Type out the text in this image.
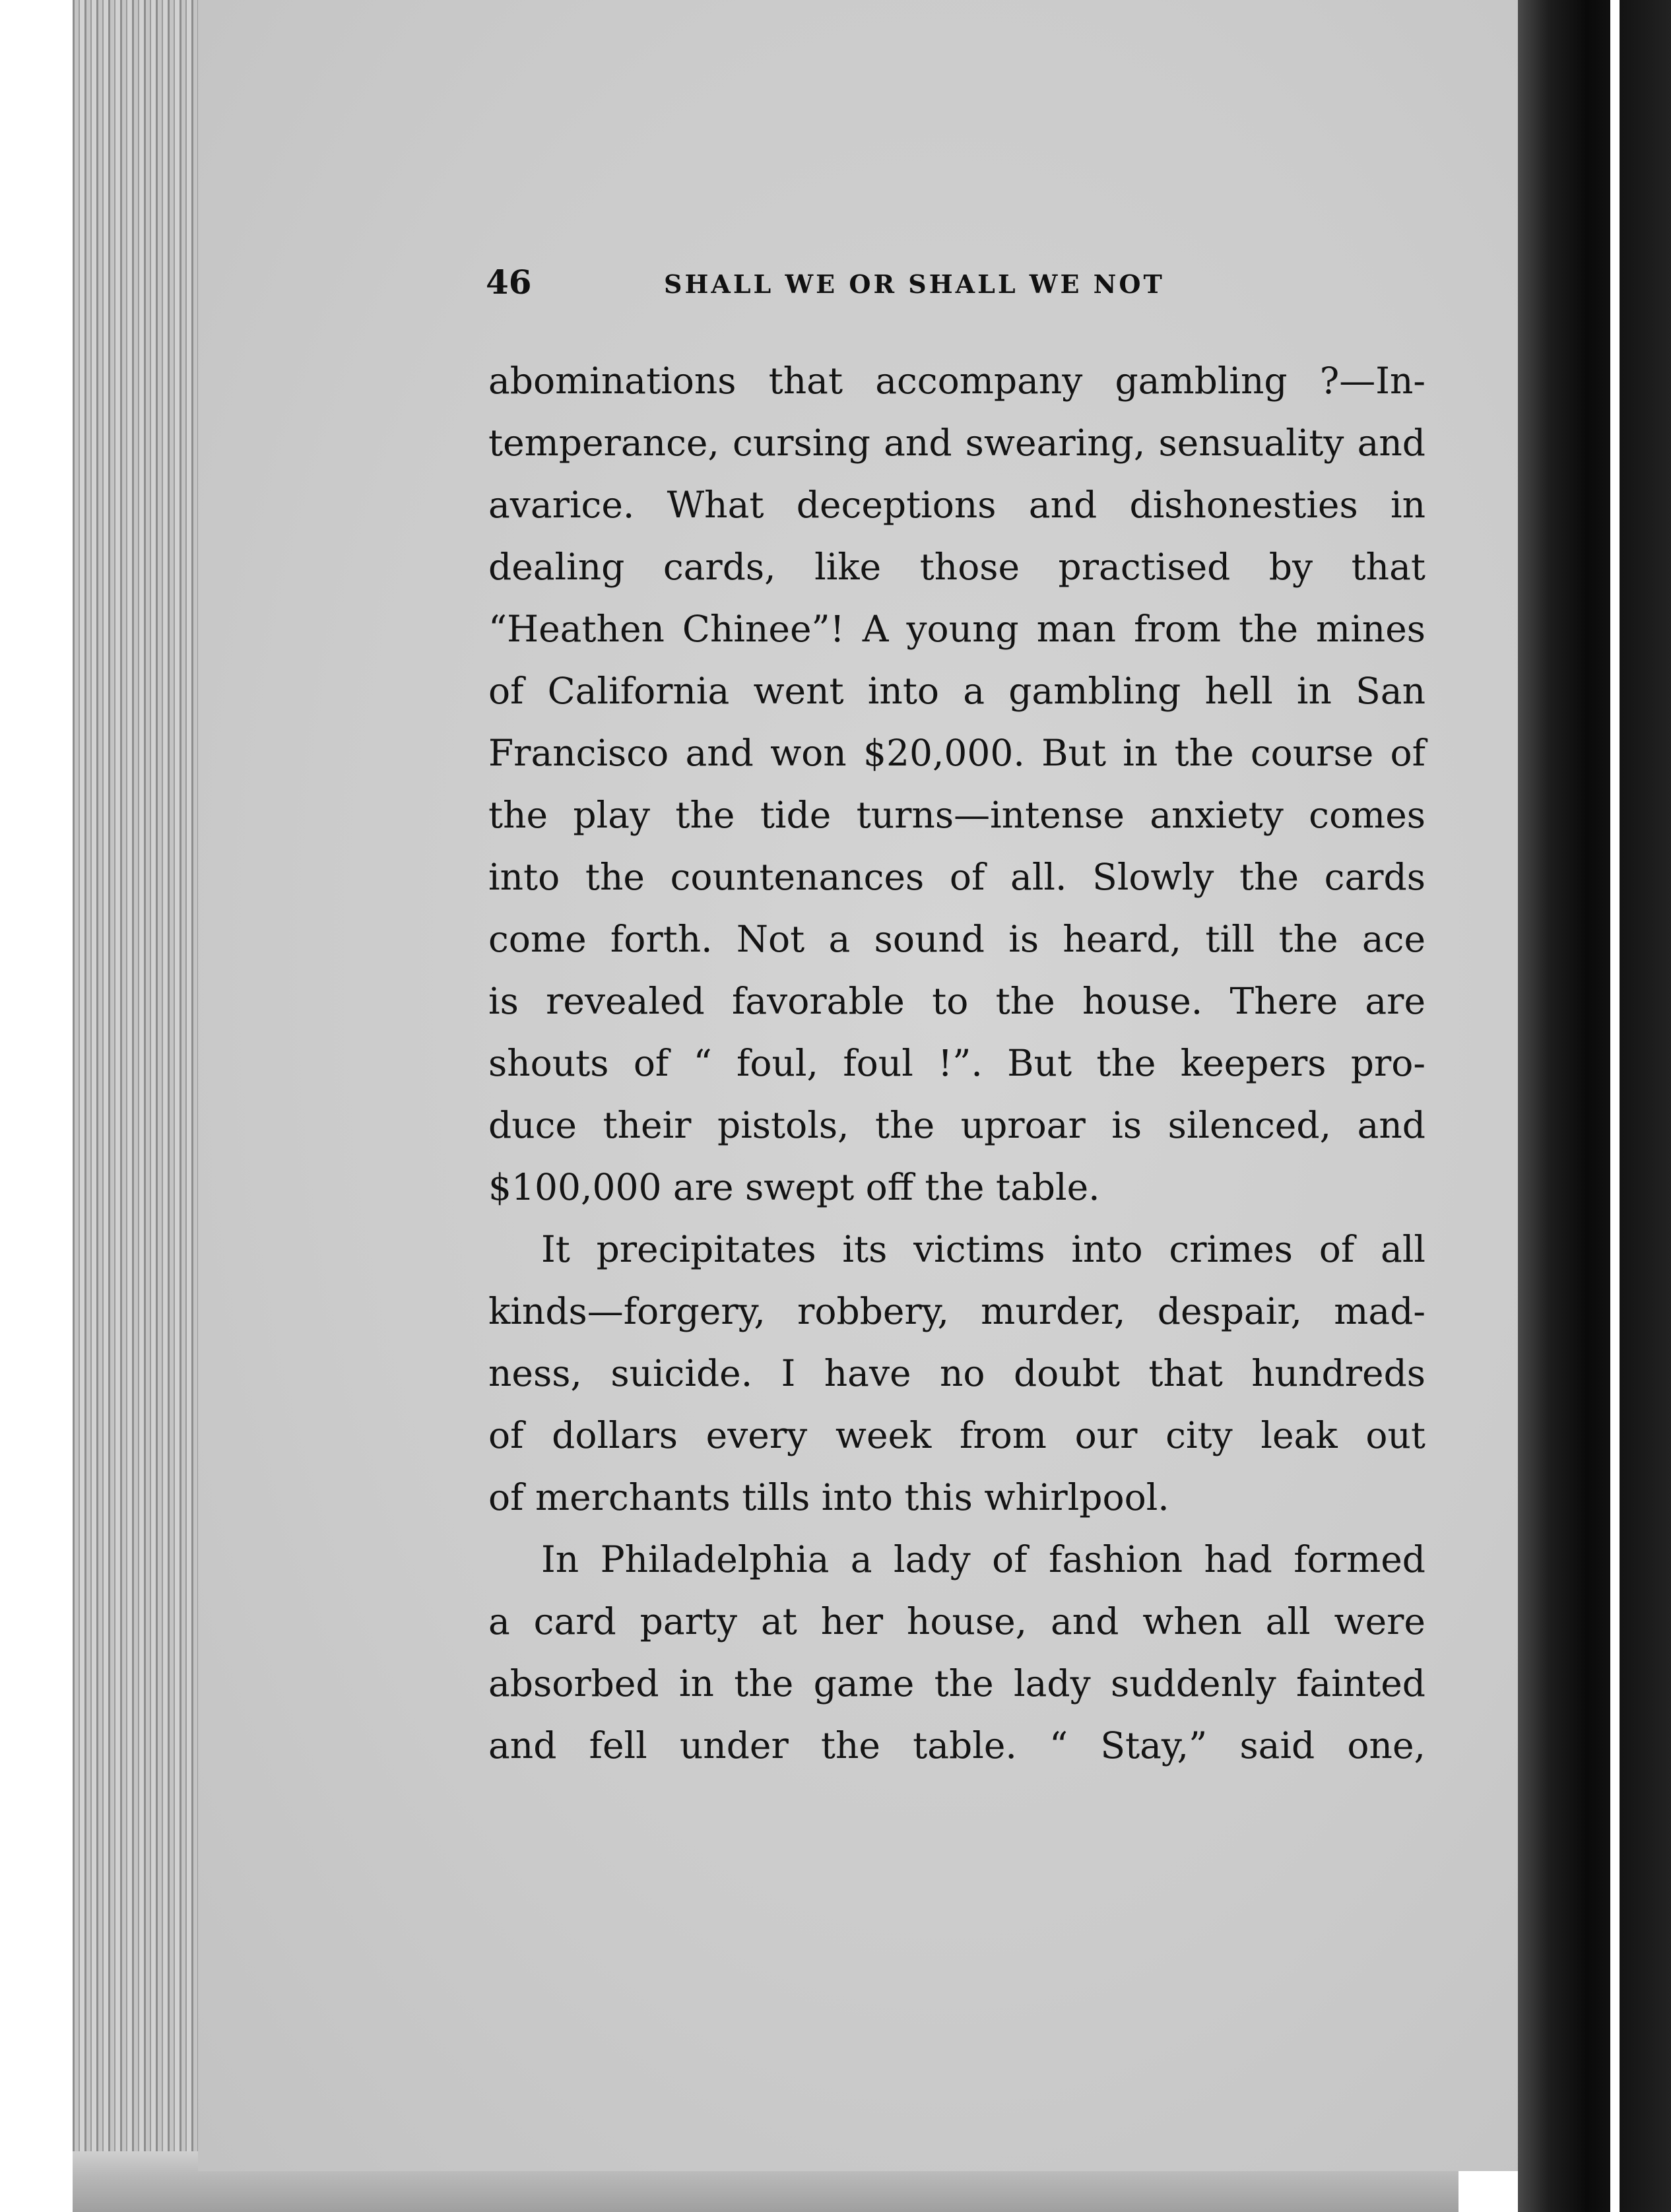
46	SHALL WE OR SHALL WE NOT
abominations that accompany gambling ?—In-
temperance, cursing and swearing, sensuality and
avarice. What deceptions and dishonesties in
dealing cards, like those practised by that
“Heathen Chinee”! A young man from the mines
of California went into a gambling hell in San
Francisco and won $20,000. But in the course of
the play the tide turns—intense anxiety comes
into the countenances of all. Slowly the cards
come forth. Not a sound is heard, till the ace
is revealed favorable to the house. There are
shouts of “ foul, foul !”. But the keepers pro-
duce their pistols, the uproar is silenced, and
$100,000 are swept off the table.
It precipitates its victims into crimes of all
kinds—forgery, robbery, murder, despair, mad-
ness, suicide. I have no doubt that hundreds
of dollars every week from our city leak out
of merchants tills into this whirlpool.
In Philadelphia a lady of fashion had formed
a card party at her house, and when all were
absorbed in the game the lady suddenly fainted
and fell under the table. “ Stay,” said one,
